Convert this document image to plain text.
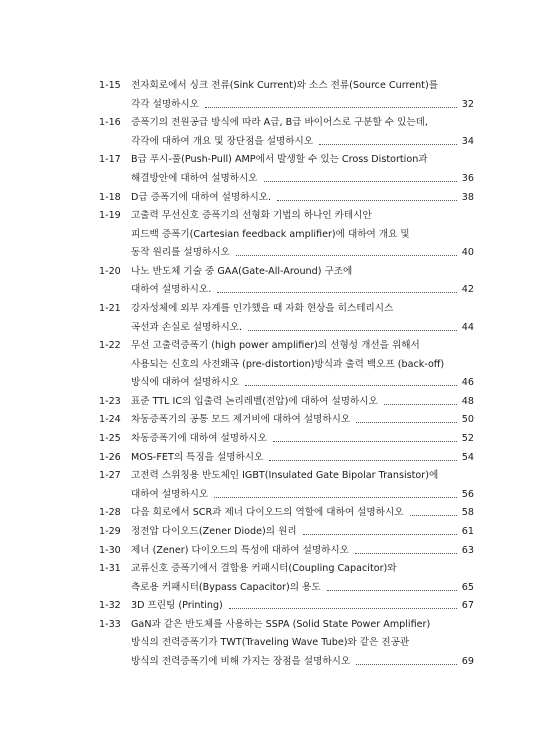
1-15 전자회로에서 싱크 전류(Sink Current)와 소스 전류(Source Current)를
각각 설명하시오	32
1-16 증폭기의 전원공급 방식에 따라 A급, B급 바이어스로 구분할 수 있는데,
각각에 대하여 개요 및 장단점을 설명하시오	34
1-17 B급 푸시-풀(Push-Pull) AMP에서 발생할 수 있는 Cross Distortion과
해결방안에 대하여 설명하시오	36
1-18 D급 증폭기에 대하여 설명하시오.	38
1-19 고출력 무선신호 증폭기의 선형화 기법의 하나인 카테시안
피드백 증폭기(Cartesian feedback amplifier)에 대하여 개요 및
동작 원리를 설명하시오	40
1-20 나노 반도체 기술 중 GAA(Gate-All-Around) 구조에
대하여 설명하시오.	42
1-21 강자성체에 외부 자계를 인가했을 때 자화 현상을 히스테리시스
곡선과 손실로 설명하시오.	44
1-22 무선 고출력증폭기 (high power amplifier)의 선형성 개선을 위해서
사용되는 신호의 사전왜곡 (pre-distortion)방식과 출력 백오프 (back-off)
방식에 대하여 설명하시오	46
1-23 표준 TTL IC의 입출력 논리레벨(전압)에 대하여 설명하시오	48
1-24 차동증폭기의 공통 모드 제거비에 대하여 설명하시오	50
1-25 차동증폭기에 대하여 설명하시오	52
1-26 MOS-FET의 특징을 설명하시오	54
1-27 고전력 스위칭용 반도체인 IGBT(Insulated Gate Bipolar Transistor)에
대하여 설명하시오	56
1-28 다음 회로에서 SCR과 제너 다이오드의 역할에 대하여 설명하시오	58
1-29 정전압 다이오드(Zener Diode)의 원리	61
1-30 제너 (Zener) 다이오드의 특성에 대하여 설명하시오	63
1-31 교류신호 증폭기에서 결합용 커패시터(Coupling Capacitor)와
측로용 커패시터(Bypass Capacitor)의 용도	65
1-32 3D 프린팅 (Printing)	67
1-33 GaN과 같은 반도체를 사용하는 SSPA (Solid State Power Amplifier)
방식의 전력증폭기가 TWT(Traveling Wave Tube)와 같은 진공관
방식의 전력증폭기에 비해 가지는 장점을 설명하시오	69
